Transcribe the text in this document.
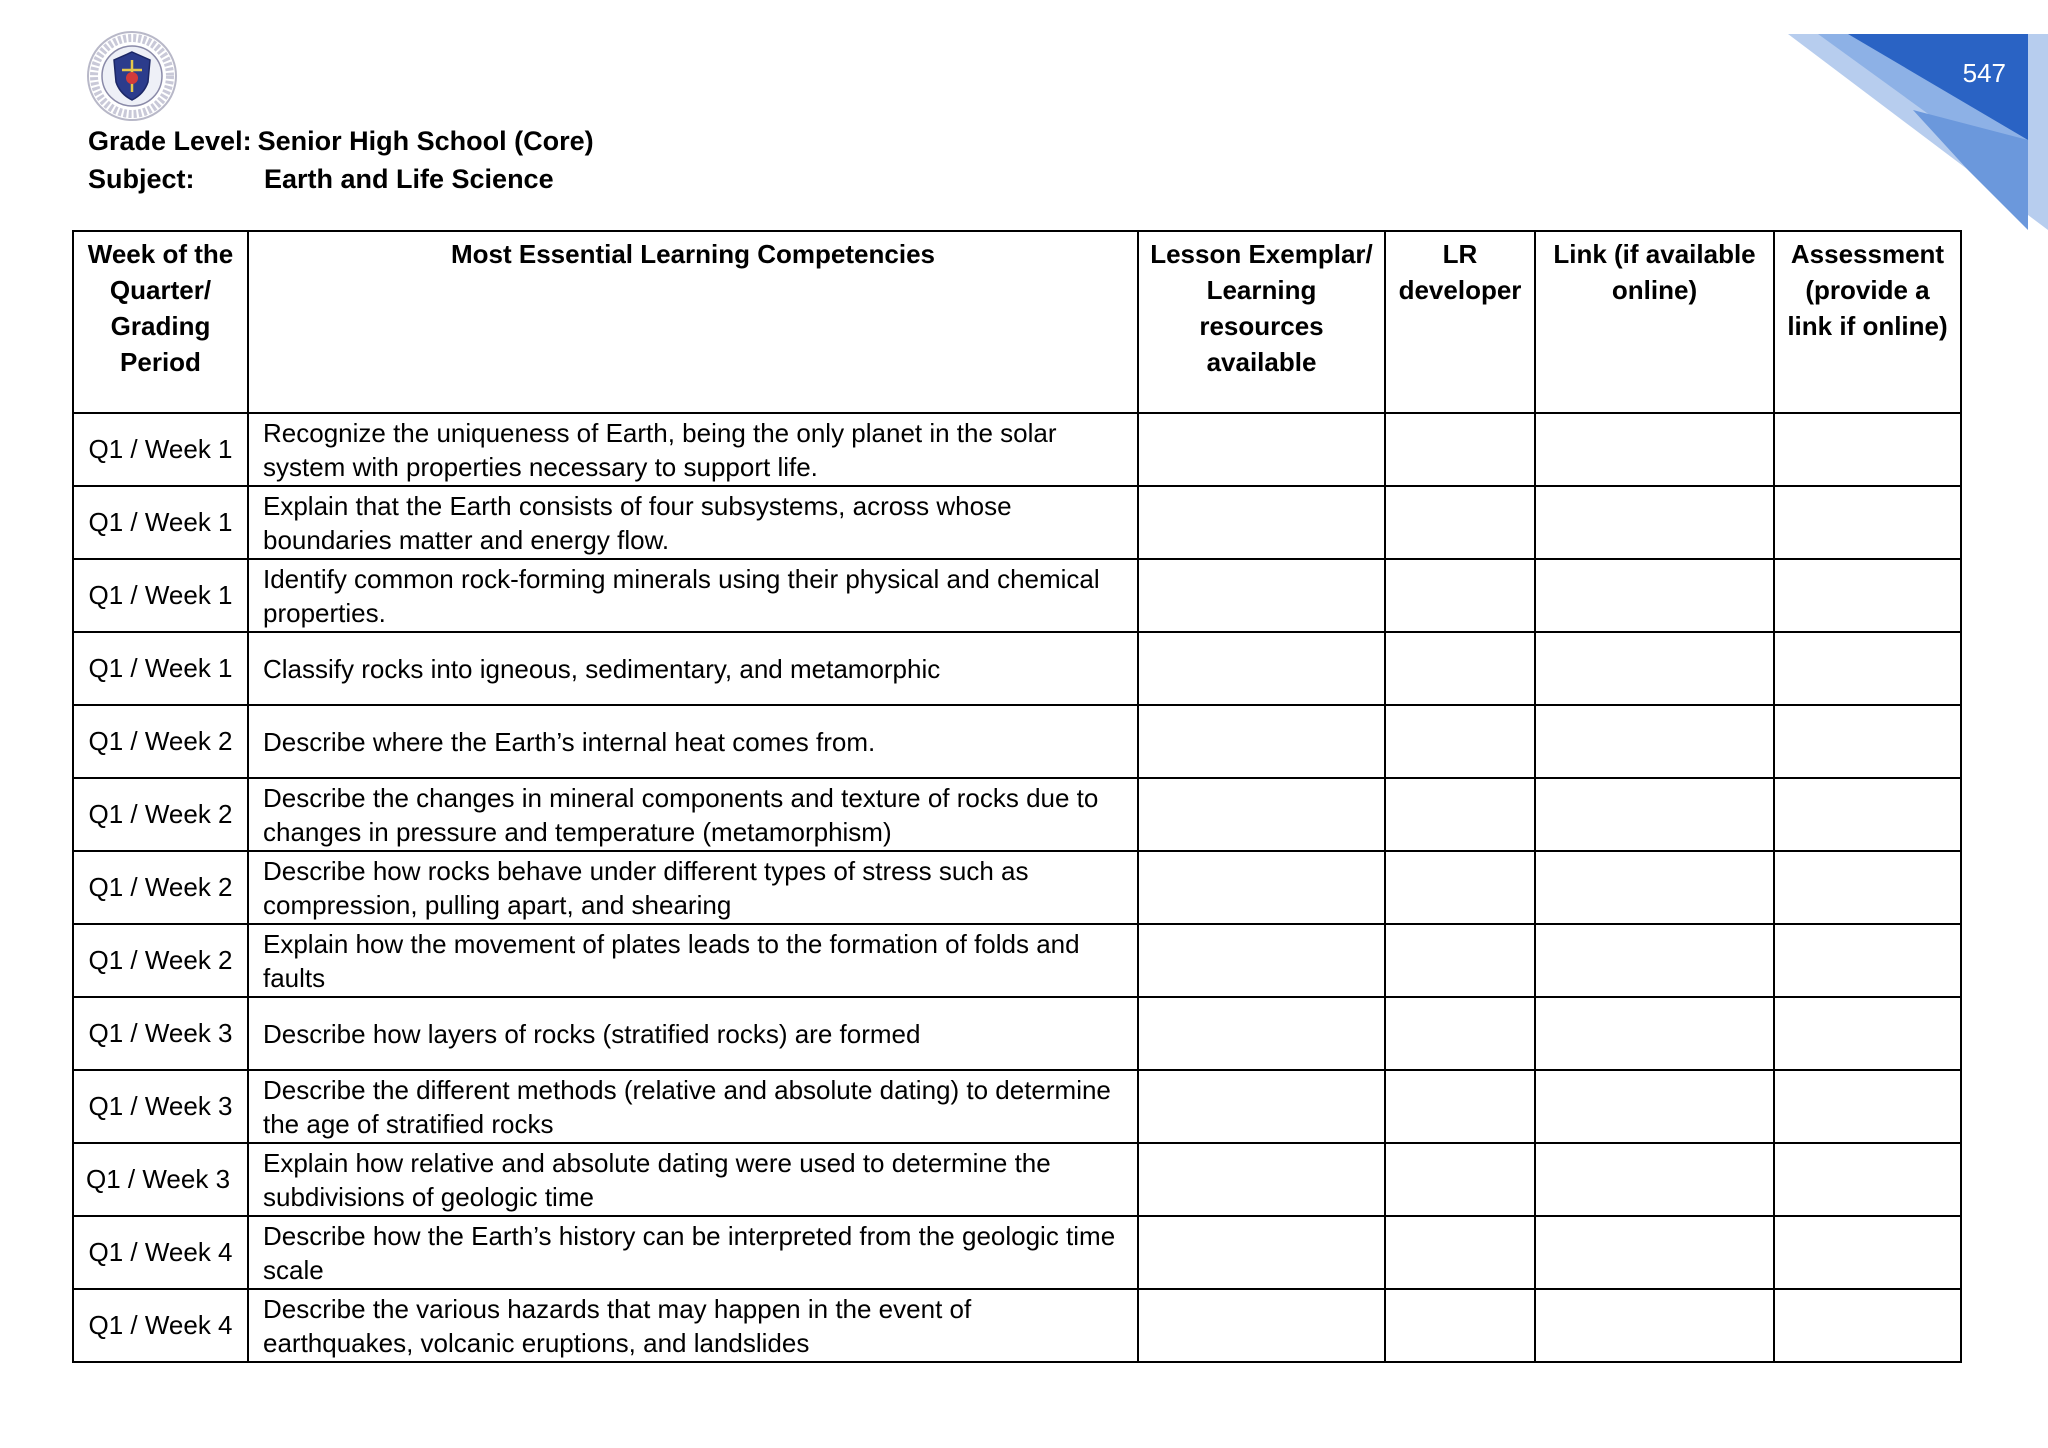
547
Grade Level: Senior High School (Core)
Subject:	Earth and Life Science
Week of the Quarter/ Grading Period	Most Essential Learning Competencies	Lesson Exemplar/ Learning resources available	LR developer	Link (if available online)	Assessment (provide a link if online)

Q1 / Week 1	Recognize the uniqueness of Earth, being the only planet in the solar system with properties necessary to support life.				
Q1 / Week 1	Explain that the Earth consists of four subsystems, across whose boundaries matter and energy flow.				
Q1 / Week 1	Identify common rock-forming minerals using their physical and chemical properties.				
Q1 / Week 1	Classify rocks into igneous, sedimentary, and metamorphic				
Q1 / Week 2	Describe where the Earth’s internal heat comes from.				
Q1 / Week 2	Describe the changes in mineral components and texture of rocks due to changes in pressure and temperature (metamorphism)				
Q1 / Week 2	Describe how rocks behave under different types of stress such as compression, pulling apart, and shearing				
Q1 / Week 2	Explain how the movement of plates leads to the formation of folds and faults				
Q1 / Week 3	Describe how layers of rocks (stratified rocks) are formed				
Q1 / Week 3	Describe the different methods (relative and absolute dating) to determine the age of stratified rocks				
Q1 / Week 3	Explain how relative and absolute dating were used to determine the subdivisions of geologic time				
Q1 / Week 4	Describe how the Earth’s history can be interpreted from the geologic time scale				
Q1 / Week 4	Describe the various hazards that may happen in the event of earthquakes, volcanic eruptions, and landslides				
